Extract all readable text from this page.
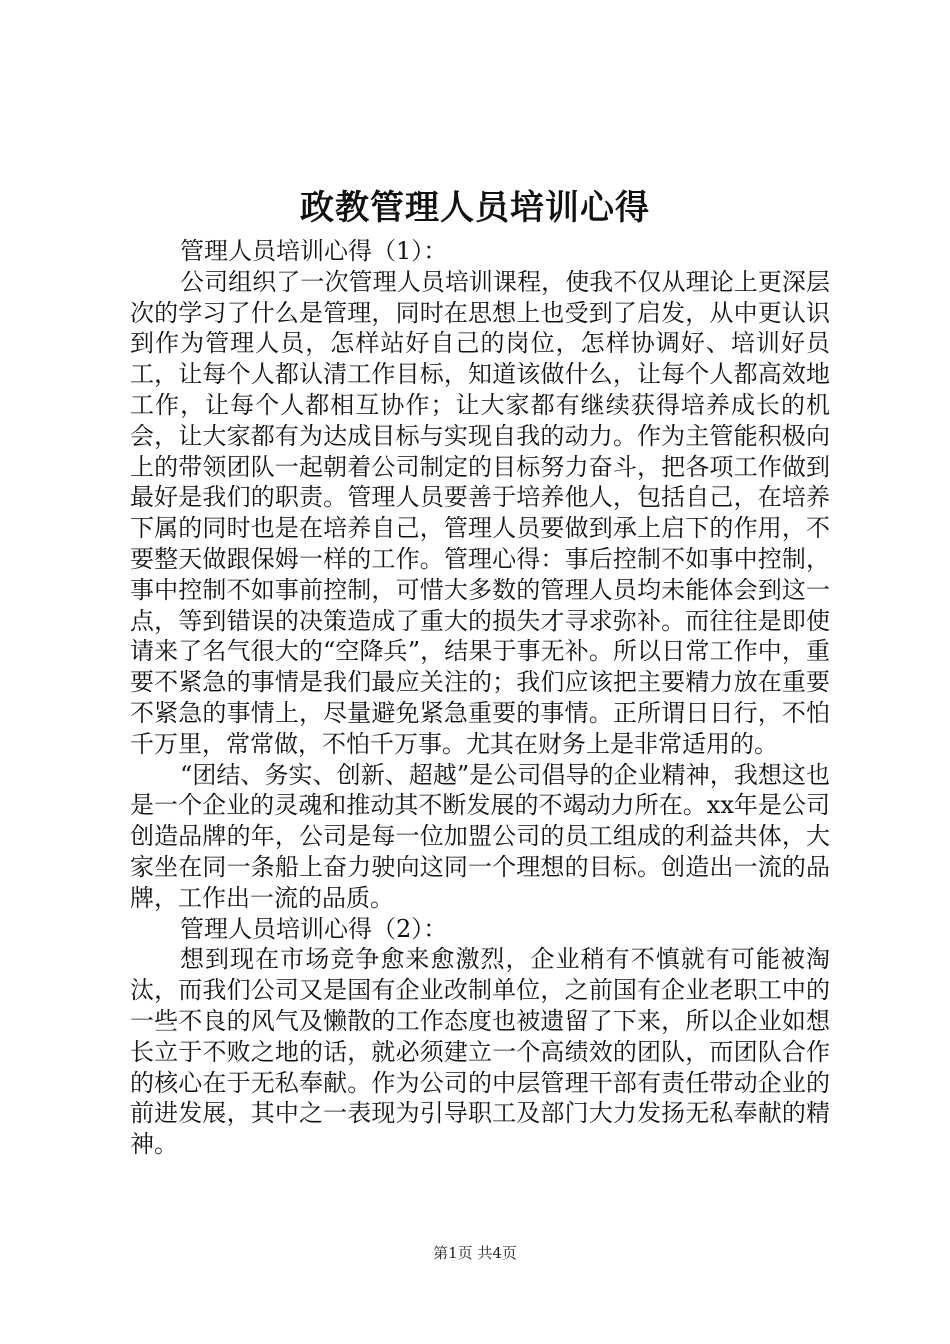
政教管理人员培训心得

管理人员培训心得（1）：

公司组织了一次管理人员培训课程，使我不仅从理论上更深层次的学习了什么是管理，同时在思想上也受到了启发，从中更认识到作为管理人员，怎样站好自己的岗位，怎样协调好、培训好员工，让每个人都认清工作目标，知道该做什么，让每个人都高效地工作，让每个人都相互协作；让大家都有继续获得培养成长的机会，让大家都有为达成目标与实现自我的动力。作为主管能积极向上的带领团队一起朝着公司制定的目标努力奋斗，把各项工作做到最好是我们的职责。管理人员要善于培养他人，包括自己，在培养下属的同时也是在培养自己，管理人员要做到承上启下的作用，不要整天做跟保姆一样的工作。管理心得：事后控制不如事中控制，事中控制不如事前控制，可惜大多数的管理人员均未能体会到这一点，等到错误的决策造成了重大的损失才寻求弥补。而往往是即使请来了名气很大的“空降兵”，结果于事无补。所以日常工作中，重要不紧急的事情是我们最应关注的；我们应该把主要精力放在重要不紧急的事情上，尽量避免紧急重要的事情。正所谓日日行，不怕千万里，常常做，不怕千万事。尤其在财务上是非常适用的。

“团结、务实、创新、超越”是公司倡导的企业精神，我想这也是一个企业的灵魂和推动其不断发展的不竭动力所在。xx年是公司创造品牌的年，公司是每一位加盟公司的员工组成的利益共体，大家坐在同一条船上奋力驶向这同一个理想的目标。创造出一流的品牌，工作出一流的品质。

管理人员培训心得（2）：

想到现在市场竞争愈来愈激烈，企业稍有不慎就有可能被淘汰，而我们公司又是国有企业改制单位，之前国有企业老职工中的一些不良的风气及懒散的工作态度也被遗留了下来，所以企业如想长立于不败之地的话，就必须建立一个高绩效的团队，而团队合作的核心在于无私奉献。作为公司的中层管理干部有责任带动企业的前进发展，其中之一表现为引导职工及部门大力发扬无私奉献的精神。

第1页 共4页
